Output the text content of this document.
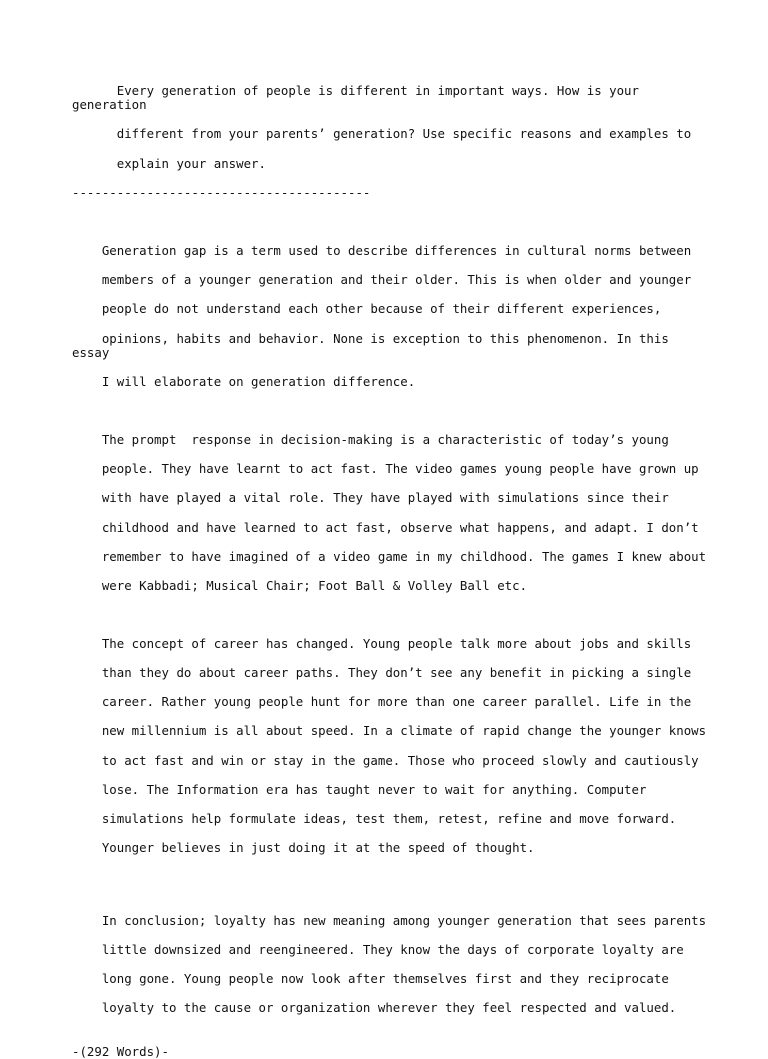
Every generation of people is different in important ways. How is your generation

different from your parents’ generation? Use specific reasons and examples to

explain your answer.

----------------------------------------

Generation gap is a term used to describe differences in cultural norms between

members of a younger generation and their older. This is when older and younger

people do not understand each other because of their different experiences,

opinions, habits and behavior. None is exception to this phenomenon. In this essay

I will elaborate on generation difference.

The prompt  response in decision-making is a characteristic of today’s young

people. They have learnt to act fast. The video games young people have grown up

with have played a vital role. They have played with simulations since their

childhood and have learned to act fast, observe what happens, and adapt. I don’t

remember to have imagined of a video game in my childhood. The games I knew about

were Kabbadi; Musical Chair; Foot Ball & Volley Ball etc.

The concept of career has changed. Young people talk more about jobs and skills

than they do about career paths. They don’t see any benefit in picking a single

career. Rather young people hunt for more than one career parallel. Life in the

new millennium is all about speed. In a climate of rapid change the younger knows

to act fast and win or stay in the game. Those who proceed slowly and cautiously

lose. The Information era has taught never to wait for anything. Computer

simulations help formulate ideas, test them, retest, refine and move forward.

Younger believes in just doing it at the speed of thought.

In conclusion; loyalty has new meaning among younger generation that sees parents

little downsized and reengineered. They know the days of corporate loyalty are

long gone. Young people now look after themselves first and they reciprocate

loyalty to the cause or organization wherever they feel respected and valued.

-(292 Words)-
